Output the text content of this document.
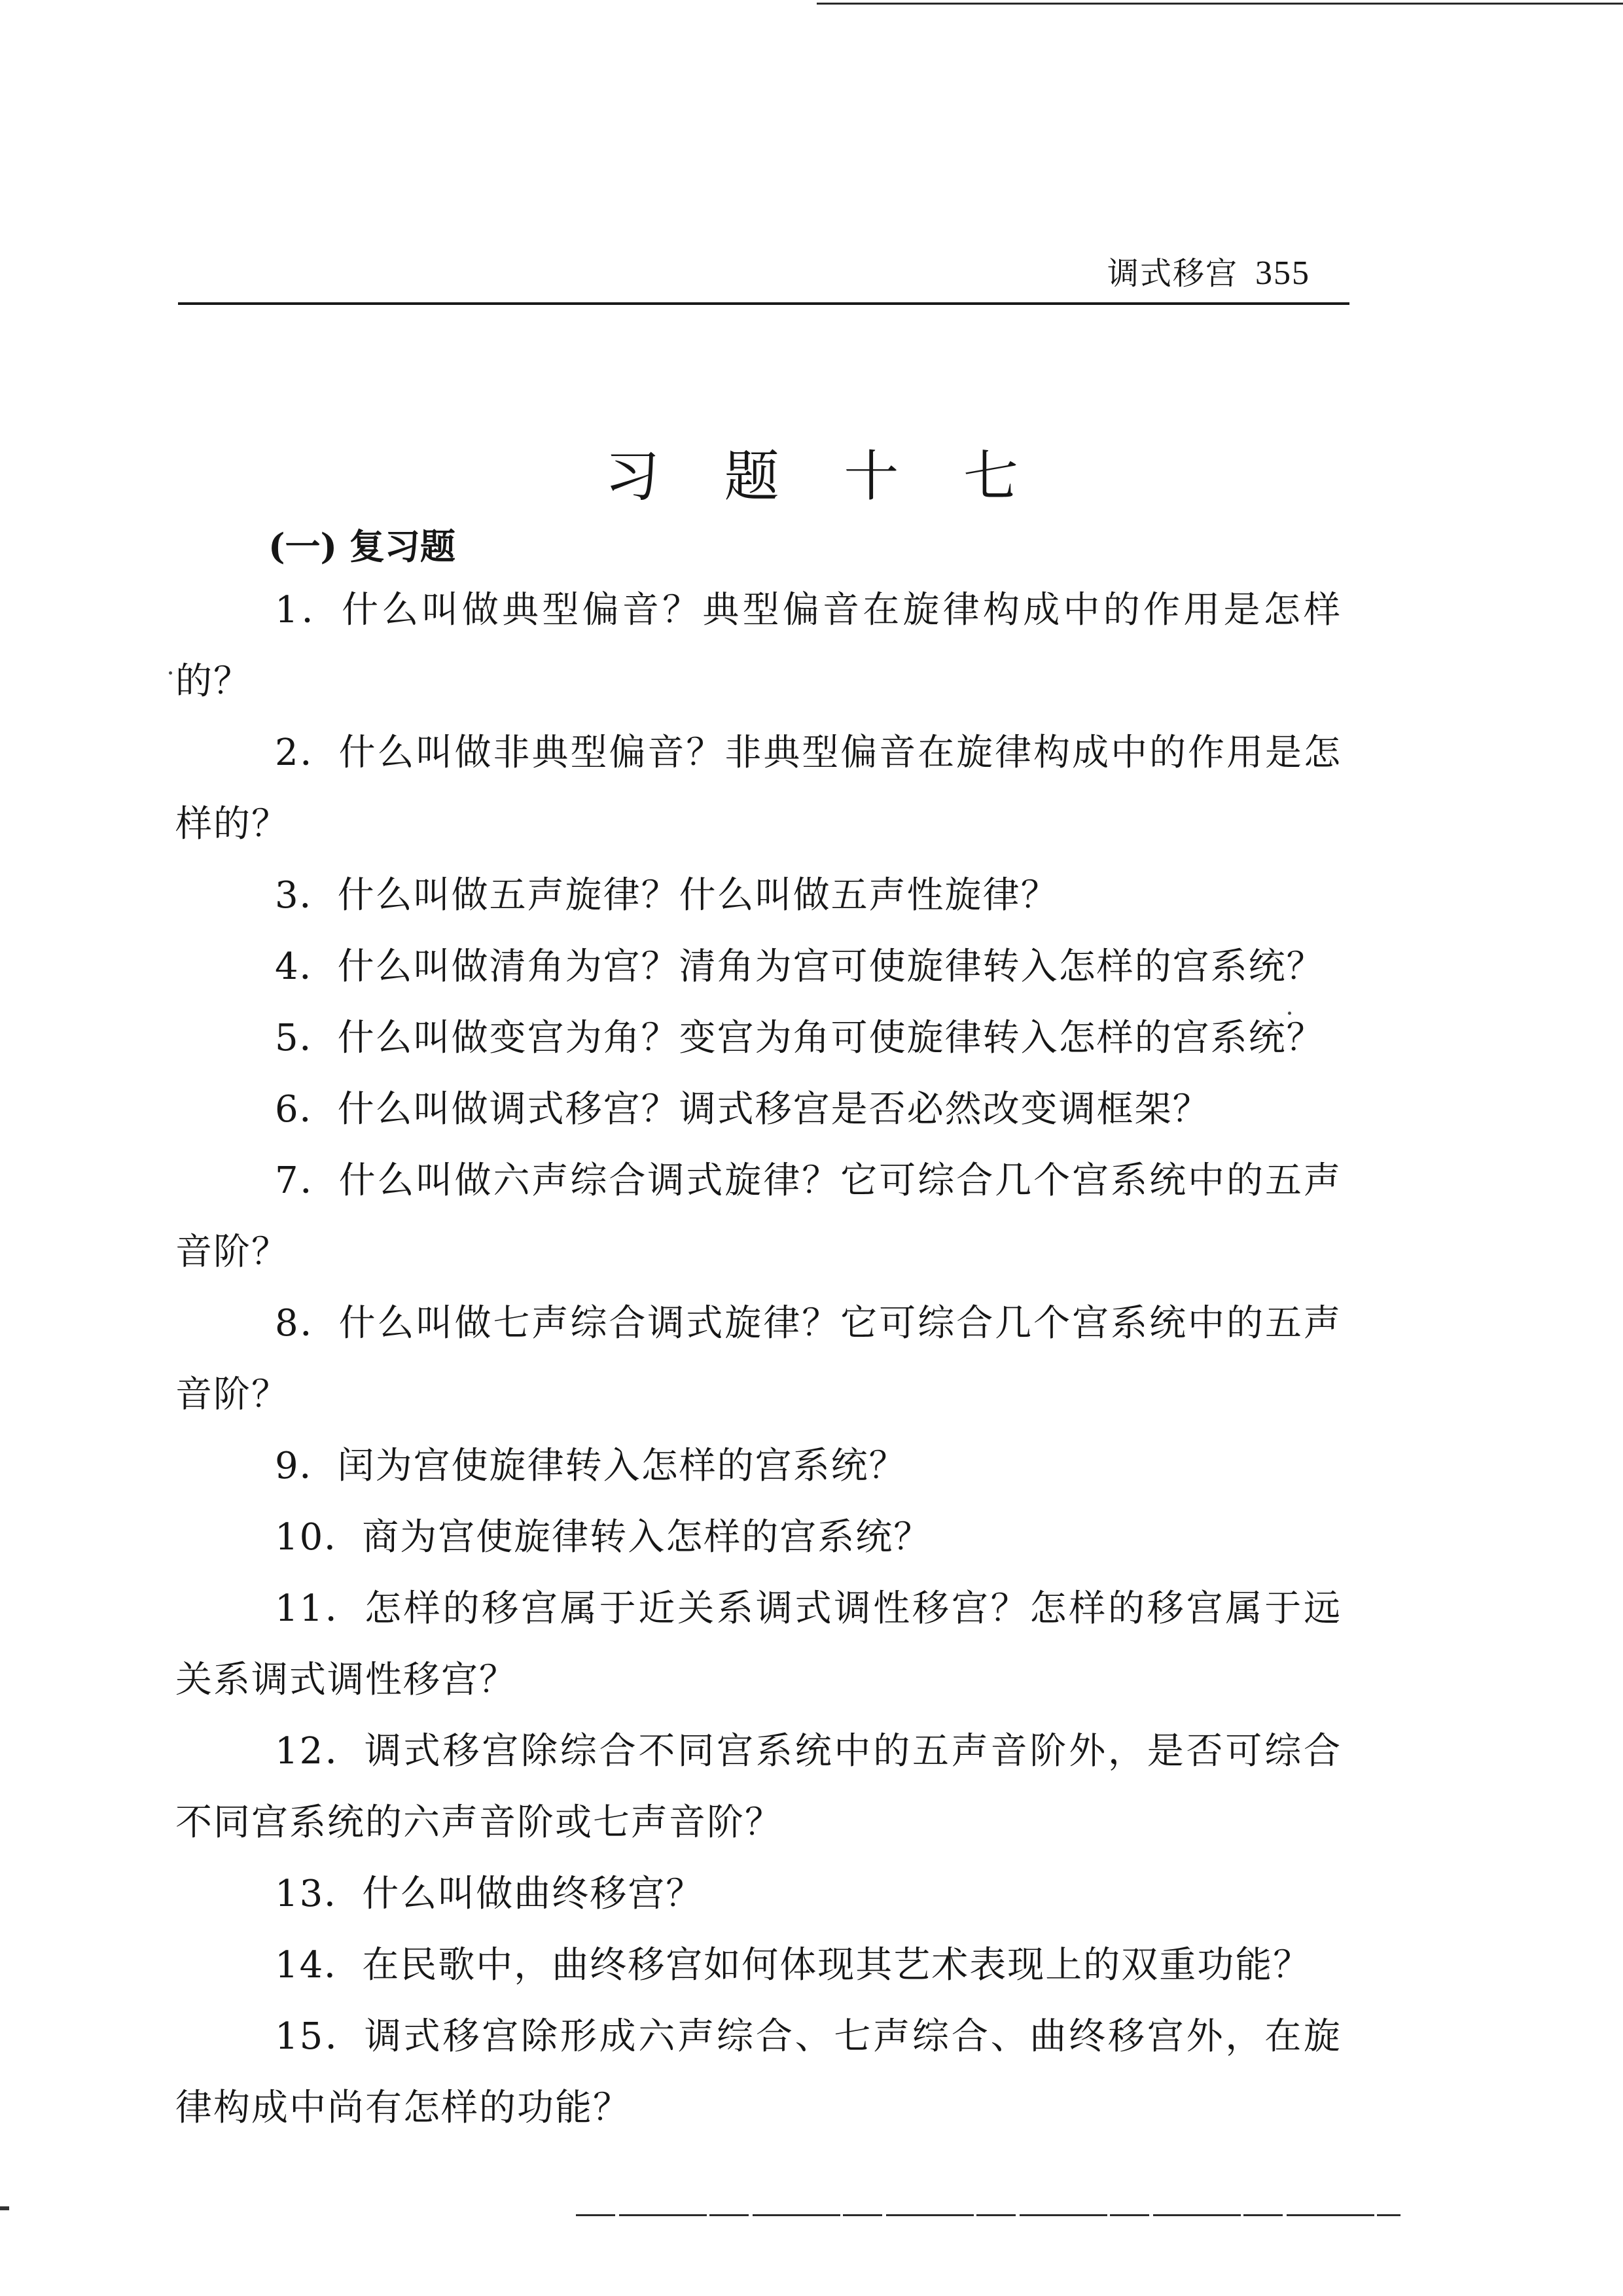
调式移宫 355
习 题 十 七
(一) 复习题
1．什么叫做典型偏音？典型偏音在旋律构成中的作用是怎样的？
2．什么叫做非典型偏音？非典型偏音在旋律构成中的作用是怎样的？
3．什么叫做五声旋律？什么叫做五声性旋律？
4．什么叫做清角为宫？清角为宫可使旋律转入怎样的宫系统？
5．什么叫做变宫为角？变宫为角可使旋律转入怎样的宫系统？
6．什么叫做调式移宫？调式移宫是否必然改变调框架？
7．什么叫做六声综合调式旋律？它可综合几个宫系统中的五声音阶？
8．什么叫做七声综合调式旋律？它可综合几个宫系统中的五声音阶？
9．闰为宫使旋律转入怎样的宫系统？
10．商为宫使旋律转入怎样的宫系统？
11．怎样的移宫属于近关系调式调性移宫？怎样的移宫属于远关系调式调性移宫？
12．调式移宫除综合不同宫系统中的五声音阶外，是否可综合不同宫系统的六声音阶或七声音阶？
13．什么叫做曲终移宫？
14．在民歌中，曲终移宫如何体现其艺术表现上的双重功能？
15．调式移宫除形成六声综合、七声综合、曲终移宫外，在旋律构成中尚有怎样的功能？
